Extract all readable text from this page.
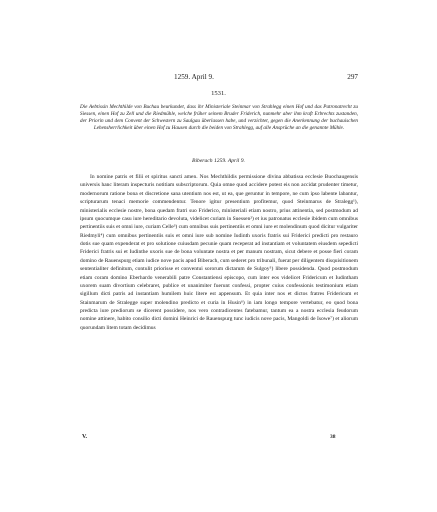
1259. April 9.	297
1531.
Die Aebtissin Mechthilde von Buchau beurkundet, dass ihr Ministeriale Steinmar von Strahlegg einen Hof und das Patronatrecht zu Siessen, einen Hof zu Zell und die Riedmühle, welche früher seinem Bruder Friderich, nunmehr aber ihm kraft Erbrechts zustanden, der Priorin und dem Convent der Schwestern zu Saulgau überlassen habe, und verzichtet, gegen die Anerkennung der buchauischen Lehensherrlichkeit über einen Hof zu Hausen durch die beiden von Strahlegg, auf alle Ansprüche an die genannte Mühle.
Biberach 1259. April 9.

In nomine patris et filii et spiritus sancti amen. Nos Mechthildis permissione divina abbatissa ecclesie Buochaugensis universis hanc literam inspecturis notitiam subscriptorum. Quia omne quod accidere potest eis non accidat prudenter timetur, modernorum ratione bona et discretione sana utentium nos est, ut ea, que geruntur in tempore, ne cum ipso labente labantur, scripturarum tenaci memorie commendentur. Tenore igitur presentium profitemur, quod Steinmarus de Stralegg¹), ministerialis ecclesie nostre, bona quedam fratri suo Friderico, ministeriali etiam nostro, prius attinentia, sed postmodum ad ipsum quocumque casu iure hereditario devoluta, videlicet curiam in Suessen²) et ius patronatus ecclesie ibidem cum omnibus pertinentiis suis et omni iure, curiam Celle³) cum omnibus suis pertinentiis et omni iure et molendinum quod dicitur vulgariter Riedmyli⁴) cum omnibus pertinentiis suis et omni iure sub nomine Iudinth uxoris fratris sui Friderici predicti pro restauro dotis sue quam expenderat et pro solutione cuiusdam pecunie quam receperat ad instantiam et voluntatem eiusdem sepedicti Friderici fratris sui et Iudinthe uxoris sue de bona voluntate nostra et per manum nostram, sicut debere et posse fieri coram domino de Rauenspurg etiam iudice nove pacis apud Biberach, cum sederet pro tribunali, fuerat per diligentem disquisitionem sententialiter definitum, contulit priorisse et conventui sororum dictarum de Sulgoy⁵) libere possidenda. Quod postmodum etiam coram domino Eberhardo venerabili patre Constantiensi episcopo, cum inter eos videlicet Fridericum et Iudintham uxorem suam divortium celebraret, publice et unanimiter fuerunt confessi, propter cuius confessionis testimonium etiam sigillum dicti patris ad instantiam humilem huic litere est appensum. Et quia inter nos et dictos fratres Fridericum et Stainmarum de Stralegge super molendino predicto et curia in Husin⁶) in iam longo tempore vertebatur, eo quod bona predicta iure prediorum se dicerent possidere, nos vero contradicentes fatebamur, tantum ea a nostra ecclesia feudorum nomine attinere, habito consilio dicti domini Heinrici de Rauenspurg tunc iudicis nove pacis, Mangoldi de Isowe⁷) et aliorum quorundam litem totam decidimus

V.	38
